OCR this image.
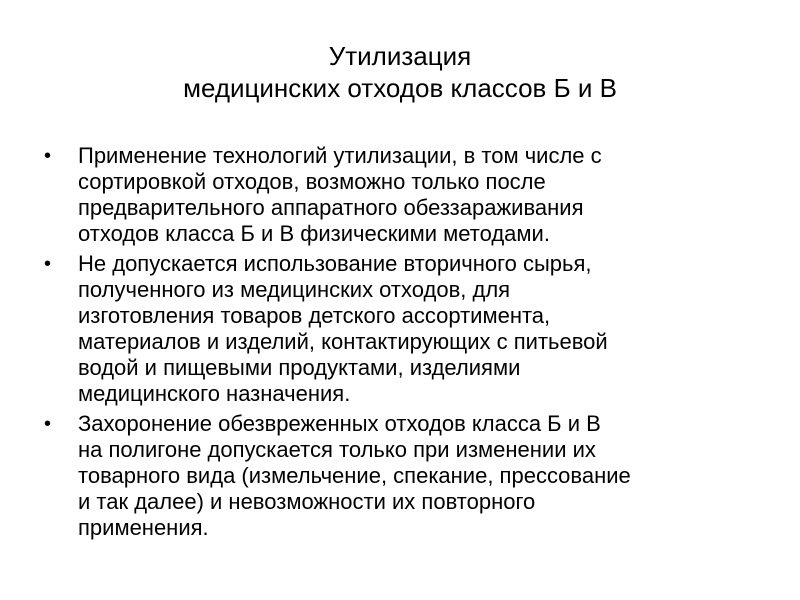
Утилизация
медицинских отходов классов Б и В
•	Применение технологий утилизации, в том числе с
сортировкой отходов, возможно только после
предварительного аппаратного обеззараживания
отходов класса Б и В физическими методами.
•	Не допускается использование вторичного сырья,
полученного из медицинских отходов, для
изготовления товаров детского ассортимента,
материалов и изделий, контактирующих с питьевой
водой и пищевыми продуктами, изделиями
медицинского назначения.
•	Захоронение обезвреженных отходов класса Б и В
на полигоне допускается только при изменении их
товарного вида (измельчение, спекание, прессование
и так далее) и невозможности их повторного
применения.
